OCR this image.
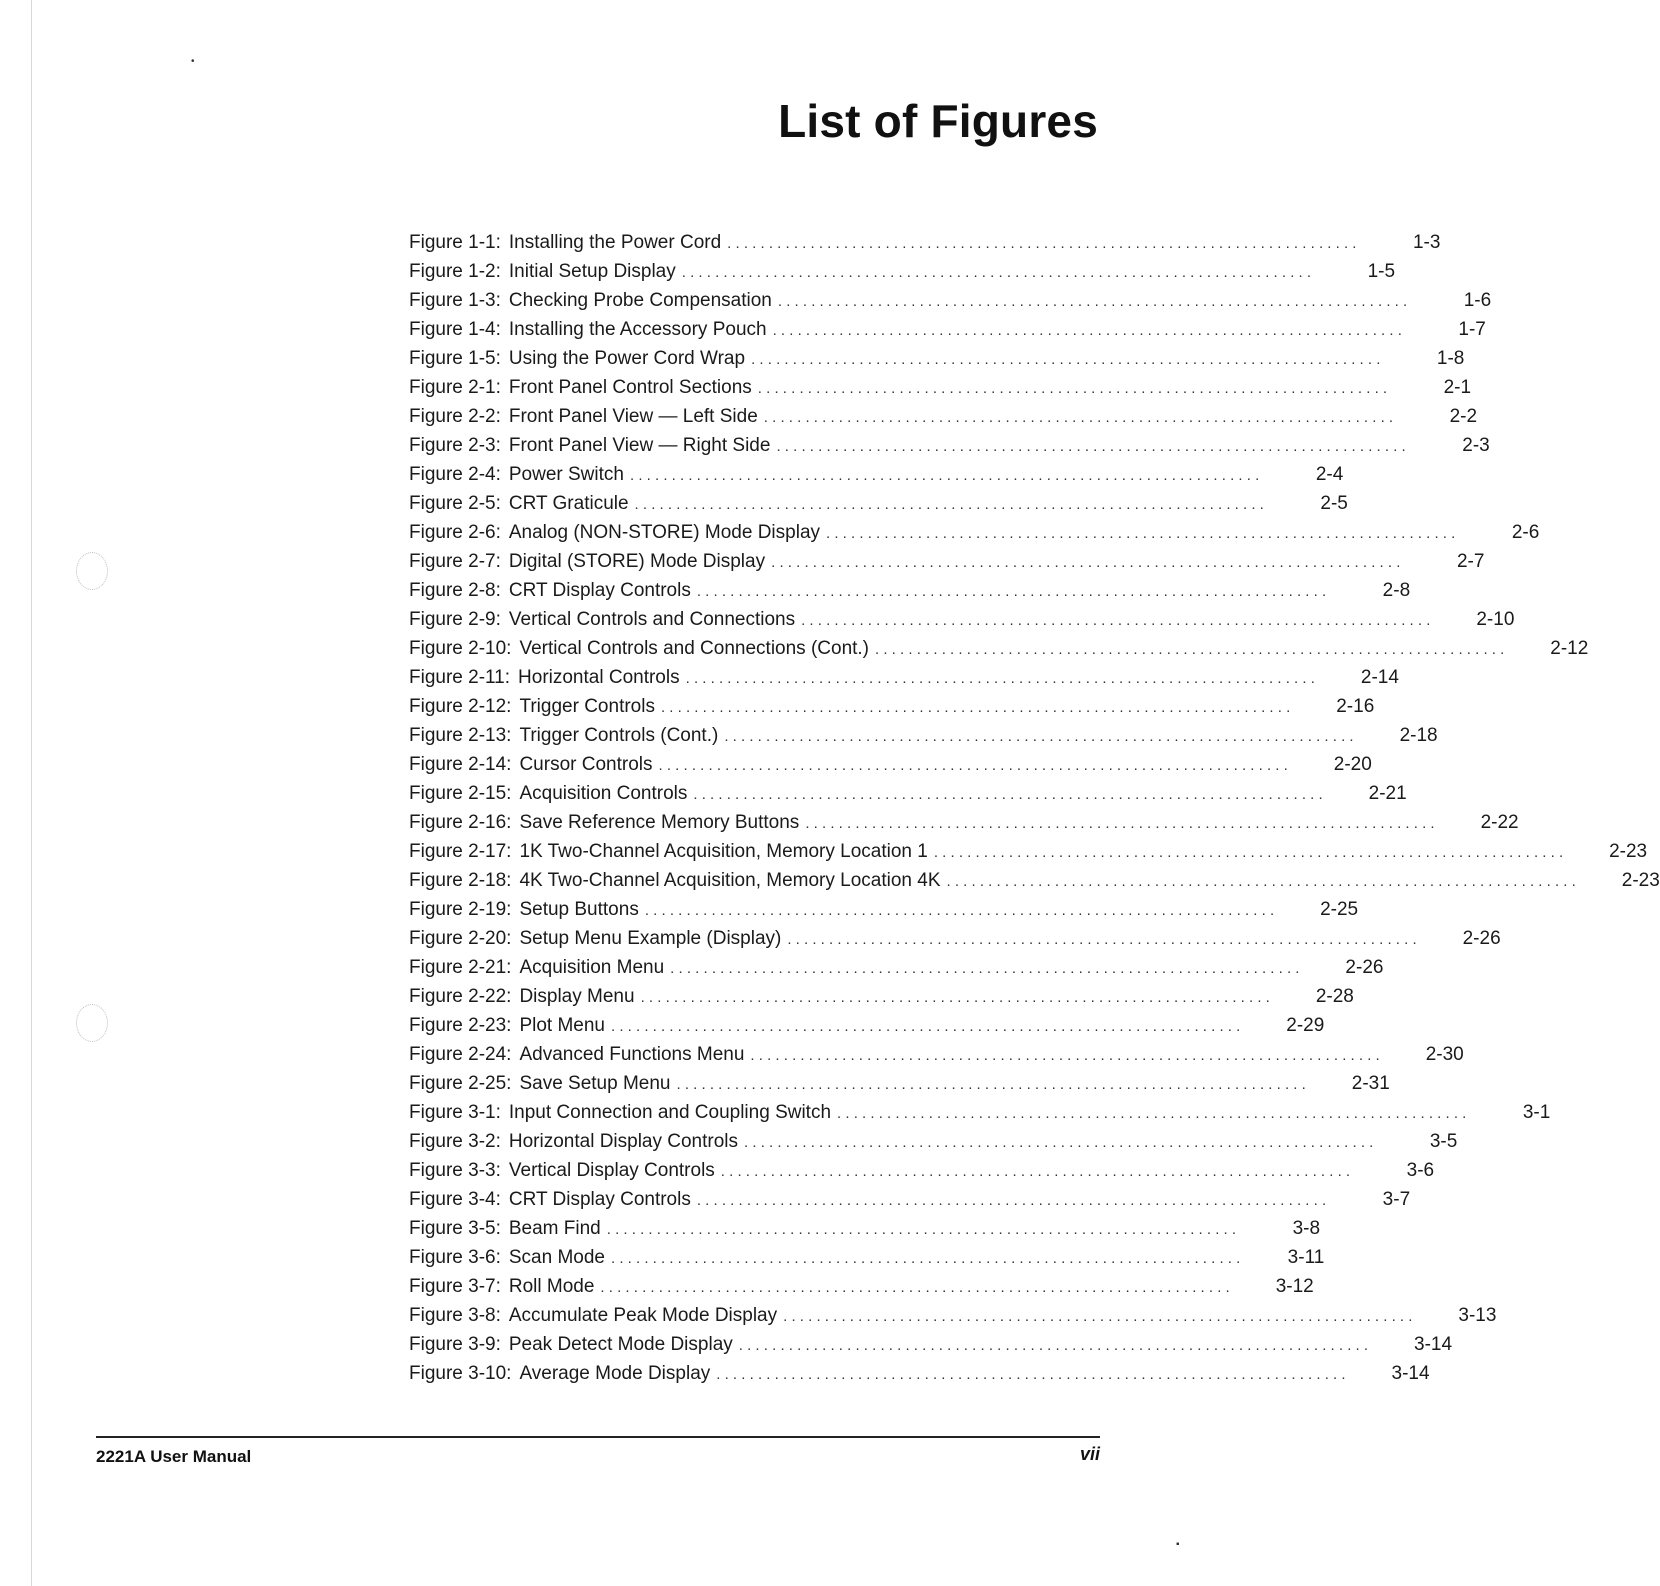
•
▪
List of Figures
Figure 1-1: Installing the Power Cord . . .	1-3
Figure 1-2: Initial Setup Display . . .	1-5
Figure 1-3: Checking Probe Compensation . . .	1-6
Figure 1-4: Installing the Accessory Pouch . . .	1-7
Figure 1-5: Using the Power Cord Wrap . . .	1-8
Figure 2-1: Front Panel Control Sections . . .	2-1
Figure 2-2: Front Panel View — Left Side . . .	2-2
Figure 2-3: Front Panel View — Right Side . . .	2-3
Figure 2-4: Power Switch . . .	2-4
Figure 2-5: CRT Graticule . . .	2-5
Figure 2-6: Analog (NON-STORE) Mode Display . . .	2-6
Figure 2-7: Digital (STORE) Mode Display . . .	2-7
Figure 2-8: CRT Display Controls . . .	2-8
Figure 2-9: Vertical Controls and Connections . . .	2-10
Figure 2-10: Vertical Controls and Connections (Cont.) . . .	2-12
Figure 2-11: Horizontal Controls . . .	2-14
Figure 2-12: Trigger Controls . . .	2-16
Figure 2-13: Trigger Controls (Cont.) . . .	2-18
Figure 2-14: Cursor Controls . . .	2-20
Figure 2-15: Acquisition Controls . . .	2-21
Figure 2-16: Save Reference Memory Buttons . . .	2-22
Figure 2-17: 1K Two-Channel Acquisition, Memory Location 1 . . .	2-23
Figure 2-18: 4K Two-Channel Acquisition, Memory Location 4K . . .	2-23
Figure 2-19: Setup Buttons . . .	2-25
Figure 2-20: Setup Menu Example (Display) . . .	2-26
Figure 2-21: Acquisition Menu . . .	2-26
Figure 2-22: Display Menu . . .	2-28
Figure 2-23: Plot Menu . . .	2-29
Figure 2-24: Advanced Functions Menu . . .	2-30
Figure 2-25: Save Setup Menu . . .	2-31
Figure 3-1: Input Connection and Coupling Switch . . .	3-1
Figure 3-2: Horizontal Display Controls . . .	3-5
Figure 3-3: Vertical Display Controls . . .	3-6
Figure 3-4: CRT Display Controls . . .	3-7
Figure 3-5: Beam Find . . .	3-8
Figure 3-6: Scan Mode . . .	3-11
Figure 3-7: Roll Mode . . .	3-12
Figure 3-8: Accumulate Peak Mode Display . . .	3-13
Figure 3-9: Peak Detect Mode Display . . .	3-14
Figure 3-10: Average Mode Display . . .	3-14
2221A User Manual	vii
